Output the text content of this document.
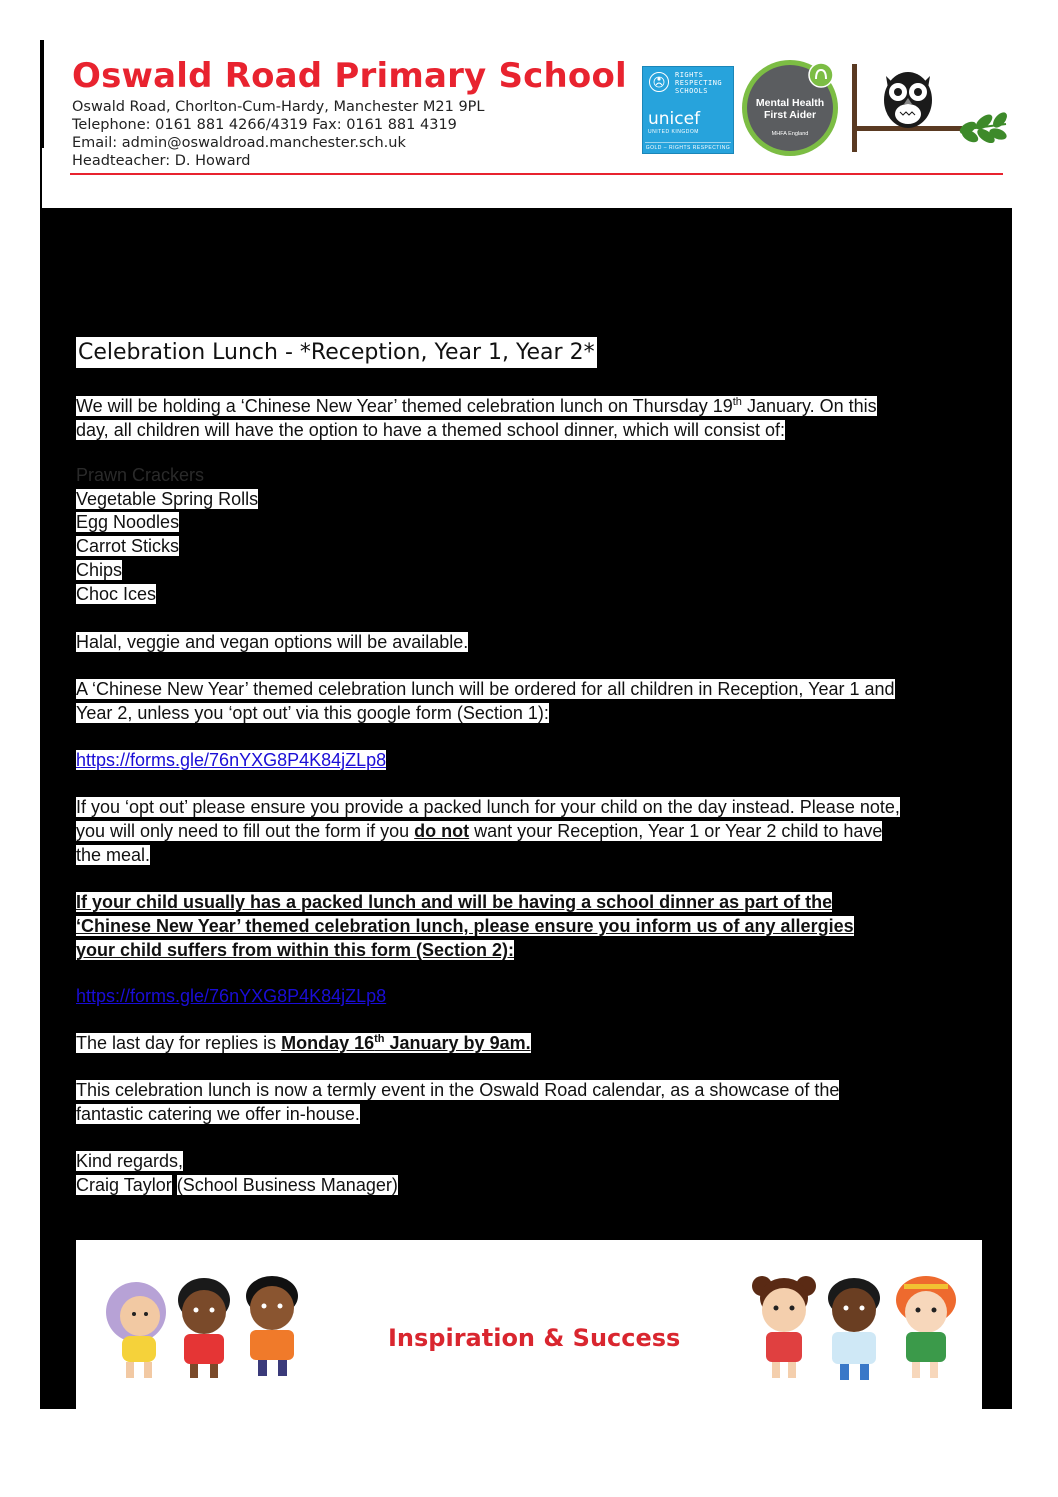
Oswald Road Primary School
Oswald Road, Chorlton-Cum-Hardy, Manchester M21 9PL
Telephone: 0161 881 4266/4319 Fax: 0161 881 4319
Email: admin@oswaldroad.manchester.sch.uk
Headteacher: D. Howard
RIGHTS RESPECTING SCHOOLS
unicef
UNITED KINGDOM
GOLD – RIGHTS RESPECTING
Mental Health
First Aider
MHFA England
Celebration Lunch - *Reception, Year 1, Year 2*

We will be holding a ‘Chinese New Year’ themed celebration lunch on Thursday 19th January. On this
day, all children will have the option to have a themed school dinner, which will consist of:

Prawn Crackers
Vegetable Spring Rolls
Egg Noodles
Carrot Sticks
Chips
Choc Ices

Halal, veggie and vegan options will be available.

A ‘Chinese New Year’ themed celebration lunch will be ordered for all children in Reception, Year 1 and
Year 2, unless you ‘opt out’ via this google form (Section 1):

https://forms.gle/76nYXG8P4K84jZLp8

If you ‘opt out’ please ensure you provide a packed lunch for your child on the day instead. Please note,
you will only need to fill out the form if you do not want your Reception, Year 1 or Year 2 child to have
the meal.

If your child usually has a packed lunch and will be having a school dinner as part of the
‘Chinese New Year’ themed celebration lunch, please ensure you inform us of any allergies
your child suffers from within this form (Section 2):

https://forms.gle/76nYXG8P4K84jZLp8

The last day for replies is Monday 16th January by 9am.

This celebration lunch is now a termly event in the Oswald Road calendar, as a showcase of the
fantastic catering we offer in-house.

Kind regards,
Craig Taylor (School Business Manager)

Inspiration & Success
